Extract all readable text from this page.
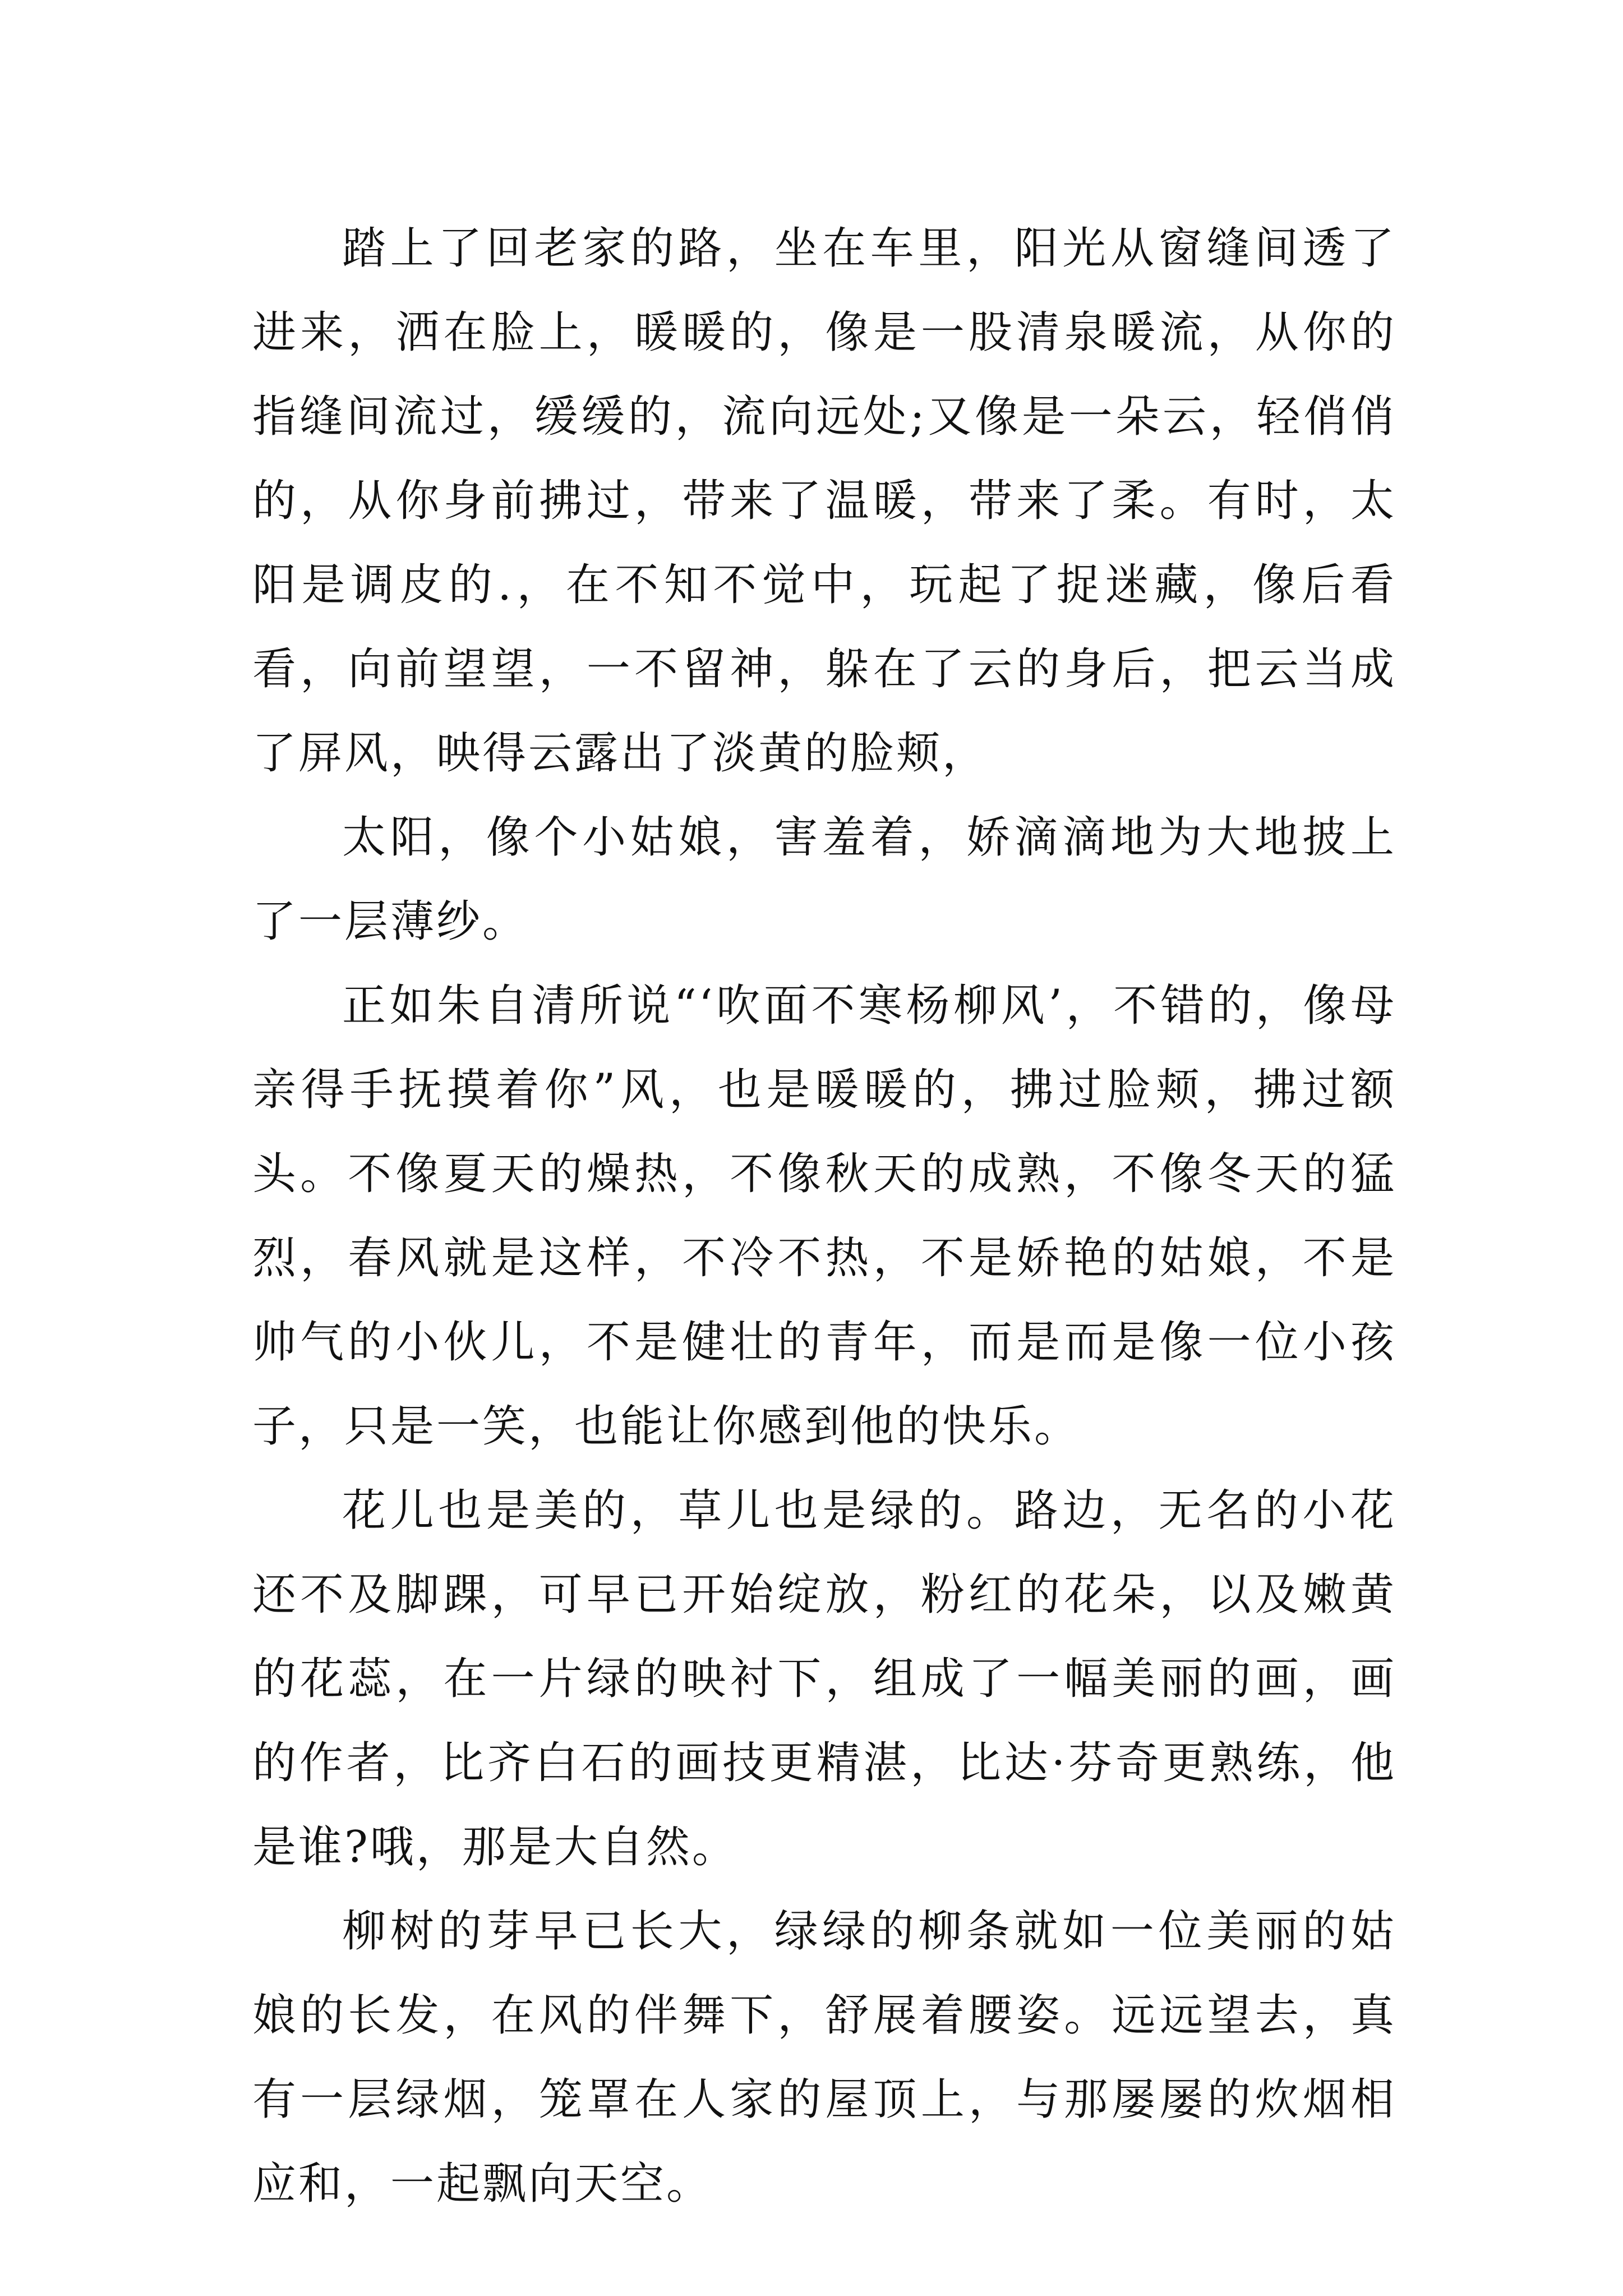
踏上了回老家的路，坐在车里，阳光从窗缝间透了进来，洒在脸上，暖暖的，像是一股清泉暖流，从你的指缝间流过，缓缓的，流向远处;又像是一朵云，轻俏俏的，从你身前拂过，带来了温暖，带来了柔。有时，太阳是调皮的.，在不知不觉中，玩起了捉迷藏，像后看看，向前望望，一不留神，躲在了云的身后，把云当成了屏风，映得云露出了淡黄的脸颊，

太阳，像个小姑娘，害羞着，娇滴滴地为大地披上了一层薄纱。

正如朱自清所说“‘吹面不寒杨柳风’，不错的，像母亲得手抚摸着你”风，也是暖暖的，拂过脸颊，拂过额头。不像夏天的燥热，不像秋天的成熟，不像冬天的猛烈，春风就是这样，不冷不热，不是娇艳的姑娘，不是帅气的小伙儿，不是健壮的青年，而是而是像一位小孩子，只是一笑，也能让你感到他的快乐。

花儿也是美的，草儿也是绿的。路边，无名的小花还不及脚踝，可早已开始绽放，粉红的花朵，以及嫩黄的花蕊，在一片绿的映衬下，组成了一幅美丽的画，画的作者，比齐白石的画技更精湛，比达·芬奇更熟练，他是谁?哦，那是大自然。

柳树的芽早已长大，绿绿的柳条就如一位美丽的姑娘的长发，在风的伴舞下，舒展着腰姿。远远望去，真有一层绿烟，笼罩在人家的屋顶上，与那屡屡的炊烟相应和，一起飘向天空。
